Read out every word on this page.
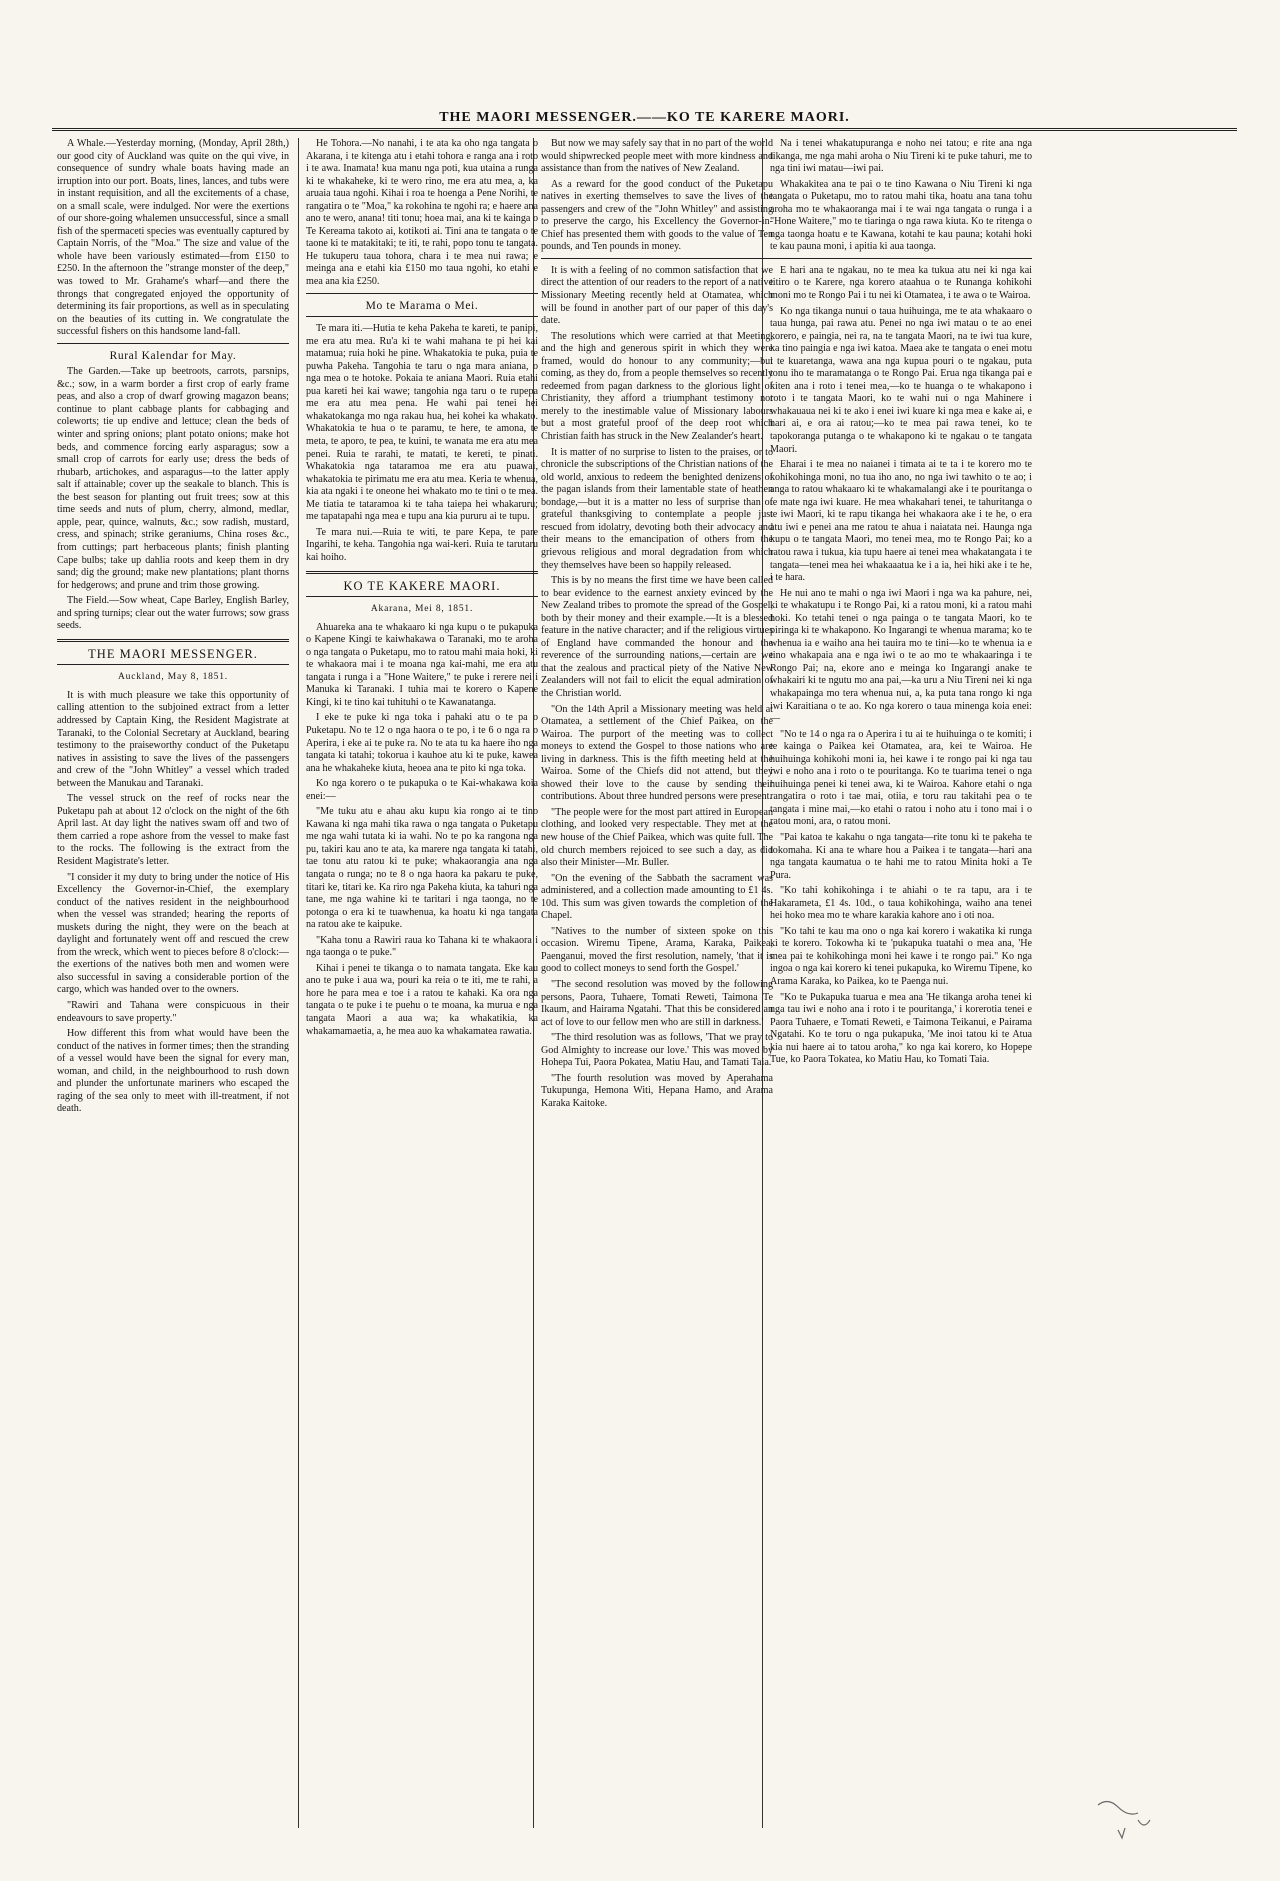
THE MAORI MESSENGER.——KO TE KARERE MAORI.

A Whale.—Yesterday morning, (Monday, April 28th,) our good city of Auckland was quite on the qui vive, in consequence of sundry whale boats having made an irruption into our port. Boats, lines, lances, and tubs were in instant requisition, and all the excitements of a chase, on a small scale, were indulged. Nor were the exertions of our shore-going whalemen unsuccessful, since a small fish of the spermaceti species was eventually captured by Captain Norris, of the "Moa." The size and value of the whole have been variously estimated—from £150 to £250. In the afternoon the "strange monster of the deep," was towed to Mr. Grahame's wharf—and there the throngs that congregated enjoyed the opportunity of determining its fair proportions, as well as in speculating on the beauties of its cutting in. We congratulate the successful fishers on this handsome land-fall.

Rural Kalendar for May.

The Garden.—Take up beetroots, carrots, parsnips, &c.; sow, in a warm border a first crop of early frame peas, and also a crop of dwarf growing magazon beans; continue to plant cabbage plants for cabbaging and coleworts; tie up endive and lettuce; clean the beds of winter and spring onions; plant potato onions; make hot beds, and commence forcing early asparagus; sow a small crop of carrots for early use; dress the beds of rhubarb, artichokes, and asparagus—to the latter apply salt if attainable; cover up the seakale to blanch. This is the best season for planting out fruit trees; sow at this time seeds and nuts of plum, cherry, almond, medlar, apple, pear, quince, walnuts, &c.; sow radish, mustard, cress, and spinach; strike geraniums, China roses &c., from cuttings; part herbaceous plants; finish planting Cape bulbs; take up dahlia roots and keep them in dry sand; dig the ground; make new plantations; plant thorns for hedgerows; and prune and trim those growing.

The Field.—Sow wheat, Cape Barley, English Barley, and spring turnips; clear out the water furrows; sow grass seeds.

THE MAORI MESSENGER.
Auckland, May 8, 1851.

It is with much pleasure we take this opportunity of calling attention to the subjoined extract from a letter addressed by Captain King, the Resident Magistrate at Taranaki, to the Colonial Secretary at Auckland, bearing testimony to the praiseworthy conduct of the Puketapu natives in assisting to save the lives of the passengers and crew of the "John Whitley" a vessel which traded between the Manukau and Taranaki.

The vessel struck on the reef of rocks near the Puketapu pah at about 12 o'clock on the night of the 6th April last. At day light the natives swam off and two of them carried a rope ashore from the vessel to make fast to the rocks. The following is the extract from the Resident Magistrate's letter.

"I consider it my duty to bring under the notice of His Excellency the Governor-in-Chief, the exemplary conduct of the natives resident in the neighbourhood when the vessel was stranded; hearing the reports of muskets during the night, they were on the beach at daylight and fortunately went off and rescued the crew from the wreck, which went to pieces before 8 o'clock:—the exertions of the natives both men and women were also successful in saving a considerable portion of the cargo, which was handed over to the owners.

"Rawiri and Tahana were conspicuous in their endeavours to save property."

How different this from what would have been the conduct of the natives in former times; then the stranding of a vessel would have been the signal for every man, woman, and child, in the neighbourhood to rush down and plunder the unfortunate mariners who escaped the raging of the sea only to meet with ill-treatment, if not death.

He Tohora.—No nanahi, i te ata ka oho nga tangata o Akarana, i te kitenga atu i etahi tohora e ranga ana i roto i te awa. Inamata! kua manu nga poti, kua utaina a runga ki te whakaheke, ki te wero rino, me era atu mea, a, ka aruaia taua ngohi. Kihai i roa te hoenga a Pene Norihi, te rangatira o te "Moa," ka rokohina te ngohi ra; e haere ana ano te wero, anana! titi tonu; hoea mai, ana ki te kainga o Te Kereama takoto ai, kotikoti ai. Tini ana te tangata o te taone ki te matakitaki; te iti, te rahi, popo tonu te tangata. He tukuperu taua tohora, chara i te mea nui rawa; e meinga ana e etahi kia £150 mo taua ngohi, ko etahi e mea ana kia £250.

Mo te Marama o Mei.

Te mara iti.—Hutia te keha Pakeha te kareti, te panipi, me era atu mea. Ru'a ki te wahi mahana te pi hei kai matamua; ruia hoki he pine. Whakatokia te puka, puia te puwha Pakeha. Tangohia te taru o nga mara aniana, o nga mea o te hotoke. Pokaia te aniana Maori. Ruia etahi pua kareti hei kai wawe; tangohia nga taru o te rupepa me era atu mea pena. He wahi pai tenei hei whakatokanga mo nga rakau hua, hei kohei ka whakato. Whakatokia te hua o te paramu, te here, te amona, te meta, te aporo, te pea, te kuini, te wanata me era atu mea penei. Ruia te rarahi, te matati, te kereti, te pinati. Whakatokia nga tataramoa me era atu puawai, whakatokia te pirimatu me era atu mea. Keria te whenua, kia ata ngaki i te oneone hei whakato mo te tini o te mea. Me tiatia te tataramoa ki te taha taiepa hei whakaruru; me tapatapahi nga mea e tupu ana kia pururu ai te tupu.

Te mara nui.—Ruia te witi, te pare Kepa, te pare Ingarihi, te keha. Tangohia nga wai-keri. Ruia te tarutaru kai hoiho.

KO TE KAKERE MAORI.
Akarana, Mei 8, 1851.

Ahuareka ana te whakaaro ki nga kupu o te pukapuka o Kapene Kingi te kaiwhakawa o Taranaki, mo te aroha o nga tangata o Puketapu, mo to ratou mahi maia hoki, ki te whakaora mai i te moana nga kai-mahi, me era atu tangata i runga i a "Hone Waitere," te puke i rerere nei i Manuka ki Taranaki. I tuhia mai te korero o Kapene Kingi, ki te tino kai tuhituhi o te Kawanatanga.

I eke te puke ki nga toka i pahaki atu o te pa o Puketapu. No te 12 o nga haora o te po, i te 6 o nga ra o Aperira, i eke ai te puke ra. No te ata tu ka haere iho nga tangata ki tatahi; tokorua i kauhoe atu ki te puke, kawea ana he whakaheke kiuta, heoea ana te pito ki nga toka.

Ko nga korero o te pukapuka o te Kai-whakawa koia enei:—

"Me tuku atu e ahau aku kupu kia rongo ai te tino Kawana ki nga mahi tika rawa o nga tangata o Puketapu me nga wahi tutata ki ia wahi. No te po ka rangona nga pu, takiri kau ano te ata, ka marere nga tangata ki tatahi, tae tonu atu ratou ki te puke; whakaorangia ana nga tangata o runga; no te 8 o nga haora ka pakaru te puke, titari ke, titari ke. Ka riro nga Pakeha kiuta, ka tahuri nga tane, me nga wahine ki te taritari i nga taonga, no te potonga o era ki te tuawhenua, ka hoatu ki nga tangata na ratou ake te kaipuke.

"Kaha tonu a Rawiri raua ko Tahana ki te whakaora i nga taonga o te puke."

Kihai i penei te tikanga o to namata tangata. Eke kau ano te puke i aua wa, pouri ka reia o te iti, me te rahi, a hore he para mea e toe i a ratou te kahaki. Ka ora nga tangata o te puke i te puehu o te moana, ka murua e nga tangata Maori a aua wa; ka whakatikia, ka whakamamaetia, a, he mea auo ka whakamatea rawatia.

But now we may safely say that in no part of the world would shipwrecked people meet with more kindness and assistance than from the natives of New Zealand.

As a reward for the good conduct of the Puketapu natives in exerting themselves to save the lives of the passengers and crew of the "John Whitley" and assisting to preserve the cargo, his Excellency the Governor-in-Chief has presented them with goods to the value of Ten pounds, and Ten pounds in money.

It is with a feeling of no common satisfaction that we direct the attention of our readers to the report of a native Missionary Meeting recently held at Otamatea, which will be found in another part of our paper of this day's date.

The resolutions which were carried at that Meeting, and the high and generous spirit in which they were framed, would do honour to any community;—but coming, as they do, from a people themselves so recently redeemed from pagan darkness to the glorious light of Christianity, they afford a triumphant testimony not merely to the inestimable value of Missionary labours but a most grateful proof of the deep root which Christian faith has struck in the New Zealander's heart.

It is matter of no surprise to listen to the praises, or to chronicle the subscriptions of the Christian nations of the old world, anxious to redeem the benighted denizens of the pagan islands from their lamentable state of heathen bondage,—but it is a matter no less of surprise than of grateful thanksgiving to contemplate a people just rescued from idolatry, devoting both their advocacy and their means to the emancipation of others from the grievous religious and moral degradation from which they themselves have been so happily released.

This is by no means the first time we have been called to bear evidence to the earnest anxiety evinced by the New Zealand tribes to promote the spread of the Gospel, both by their money and their example.—It is a blessed feature in the native character; and if the religious virtues of England have commanded the honour and the reverence of the surrounding nations,—certain are we that the zealous and practical piety of the Native New Zealanders will not fail to elicit the equal admiration of the Christian world.

"On the 14th April a Missionary meeting was held at Otamatea, a settlement of the Chief Paikea, on the Wairoa. The purport of the meeting was to collect moneys to extend the Gospel to those nations who are living in darkness. This is the fifth meeting held at the Wairoa. Some of the Chiefs did not attend, but they showed their love to the cause by sending their contributions. About three hundred persons were present.

"The people were for the most part attired in European clothing, and looked very respectable. They met at the new house of the Chief Paikea, which was quite full. The old church members rejoiced to see such a day, as did also their Minister—Mr. Buller.

"On the evening of the Sabbath the sacrament was administered, and a collection made amounting to £1 4s. 10d. This sum was given towards the completion of the Chapel.

"Natives to the number of sixteen spoke on this occasion. Wiremu Tipene, Arama, Karaka, Paikea, Paenganui, moved the first resolution, namely, 'that it is good to collect moneys to send forth the Gospel.'

"The second resolution was moved by the following persons, Paora, Tuhaere, Tomati Reweti, Taimona Te Ikaum, and Hairama Ngatahi. 'That this be considered an act of love to our fellow men who are still in darkness.'

"The third resolution was as follows, 'That we pray to God Almighty to increase our love.' This was moved by Hohepa Tui, Paora Pokatea, Matiu Hau, and Tamati Taia.

"The fourth resolution was moved by Aperahama Tukupunga, Hemona Witi, Hepana Hamo, and Arama Karaka Kaitoke.

Na i tenei whakatupuranga e noho nei tatou; e rite ana nga tikanga, me nga mahi aroha o Niu Tireni ki te puke tahuri, me to nga tini iwi matau—iwi pai.

Whakakitea ana te pai o te tino Kawana o Niu Tireni ki nga tangata o Puketapu, mo to ratou mahi tika, hoatu ana tana tohu aroha mo te whakaoranga mai i te wai nga tangata o runga i a "Hone Waitere," mo te tiaringa o nga rawa kiuta. Ko te ritenga o nga taonga hoatu e te Kawana, kotahi te kau pauna; kotahi hoki te kau pauna moni, i apitia ki aua taonga.

E hari ana te ngakau, no te mea ka tukua atu nei ki nga kai titiro o te Karere, nga korero ataahua o te Runanga kohikohi moni mo te Rongo Pai i tu nei ki Otamatea, i te awa o te Wairoa.

Ko nga tikanga nunui o taua huihuinga, me te ata whakaaro o taua hunga, pai rawa atu. Penei no nga iwi matau o te ao enei korero, e paingia, nei ra, na te tangata Maori, na te iwi tua kure, ka tino paingia e nga iwi katoa. Maea ake te tangata o enei motu i te kuaretanga, wawa ana nga kupua pouri o te ngakau, puta tonu iho te maramatanga o te Rongo Pai. Erua nga tikanga pai e kiten ana i roto i tenei mea,—ko te huanga o te whakapono i roto i te tangata Maori, ko te wahi nui o nga Mahinere i whakauaua nei ki te ako i enei iwi kuare ki nga mea e kake ai, e hari ai, e ora ai ratou;—ko te mea pai rawa tenei, ko te tapokoranga putanga o te whakapono ki te ngakau o te tangata Maori.

Eharai i te mea no naianei i timata ai te ta i te korero mo te kohikohinga moni, no tua iho ano, no nga iwi tawhito o te ao; i anga to ratou whakaaro ki te whakamalangi ake i te pouritanga o te mate nga iwi kuare. He mea whakahari tenei, te tahuritanga o te iwi Maori, ki te rapu tikanga hei whakaora ake i te he, o era atu iwi e penei ana me ratou te ahua i naiatata nei. Haunga nga kupu o te tangata Maori, mo tenei mea, mo te Rongo Pai; ko a ratou rawa i tukua, kia tupu haere ai tenei mea whakatangata i te tangata—tenei mea hei whakaaatua ke i a ia, hei hiki ake i te he, i te hara.

He nui ano te mahi o nga iwi Maori i nga wa ka pahure, nei, ki te whakatupu i te Rongo Pai, ki a ratou moni, ki a ratou mahi hoki. Ko tetahi tenei o nga painga o te tangata Maori, ko te piringa ki te whakapono. Ko Ingarangi te whenua marama; ko te whenua ia e waiho ana hei tauira mo te tini—ko te whenua ia e tino whakapaia ana e nga iwi o te ao mo te whakaaringa i te Rongo Pai; na, ekore ano e meinga ko Ingarangi anake te whakairi ki te ngutu mo ana pai,—ka uru a Niu Tireni nei ki nga whakapainga mo tera whenua nui, a, ka puta tana rongo ki nga iwi Karaitiana o te ao. Ko nga korero o taua minenga koia enei:—

"No te 14 o nga ra o Aperira i tu ai te huihuinga o te komiti; i te kainga o Paikea kei Otamatea, ara, kei te Wairoa. He huihuinga kohikohi moni ia, hei kawe i te rongo pai ki nga tau iwi e noho ana i roto o te pouritanga. Ko te tuarima tenei o nga huihuinga penei ki tenei awa, ki te Wairoa. Kahore etahi o nga rangatira o roto i tae mai, otiia, e toru rau takitahi pea o te tangata i mine mai,—ko etahi o ratou i noho atu i tono mai i o ratou moni, ara, o ratou moni.

"Pai katoa te kakahu o nga tangata—rite tonu ki te pakeha te tokomaha. Ki ana te whare hou a Paikea i te tangata—hari ana nga tangata kaumatua o te hahi me to ratou Minita hoki a Te Pura.

"Ko tahi kohikohinga i te ahiahi o te ra tapu, ara i te Hakarameta, £1 4s. 10d., o taua kohikohinga, waiho ana tenei hei hoko mea mo te whare karakia kahore ano i oti noa.

"Ko tahi te kau ma ono o nga kai korero i wakatika ki runga ki te korero. Tokowha ki te 'pukapuka tuatahi o mea ana, 'He mea pai te kohikohinga moni hei kawe i te rongo pai." Ko nga ingoa o nga kai korero ki tenei pukapuka, ko Wiremu Tipene, ko Arama Karaka, ko Paikea, ko te Paenga nui.

"Ko te Pukapuka tuarua e mea ana 'He tikanga aroha tenei ki nga tau iwi e noho ana i roto i te pouritanga,' i korerotia tenei e Paora Tuhaere, e Tomati Reweti, e Taimona Teikanui, e Pairama Ngatahi. Ko te toru o nga pukapuka, 'Me inoi tatou ki te Atua kia nui haere ai to tatou aroha," ko nga kai korero, ko Hopepe Tue, ko Paora Tokatea, ko Matiu Hau, ko Tomati Taia.
